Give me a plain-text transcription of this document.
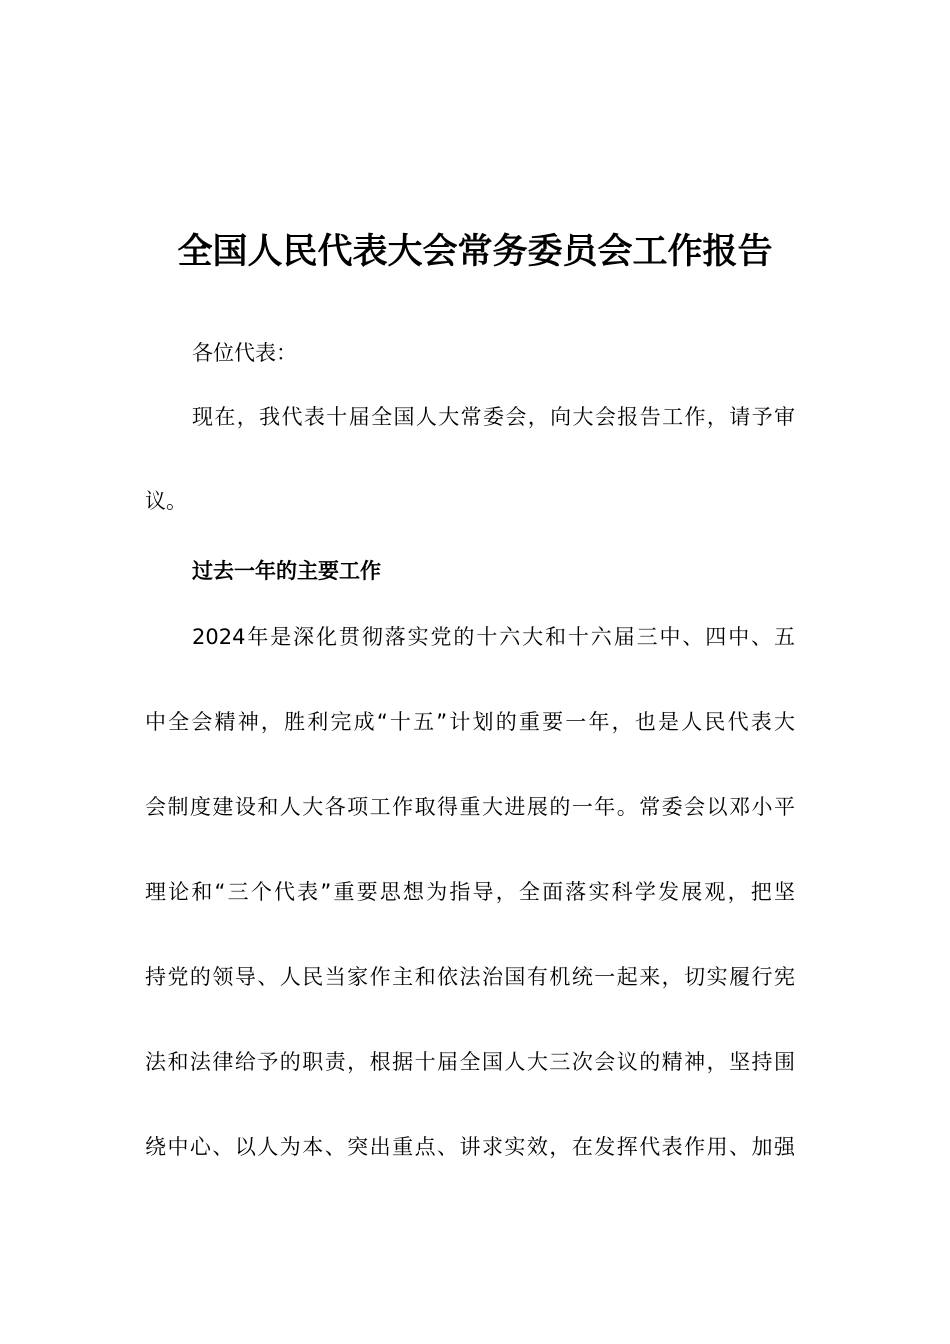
全国人民代表大会常务委员会工作报告
各位代表：
现在，我代表十届全国人大常委会，向大会报告工作，请予审
议。
过去一年的主要工作
2024年是深化贯彻落实党的十六大和十六届三中、四中、五
中全会精神，胜利完成“十五”计划的重要一年，也是人民代表大
会制度建设和人大各项工作取得重大进展的一年。常委会以邓小平
理论和“三个代表”重要思想为指导，全面落实科学发展观，把坚
持党的领导、人民当家作主和依法治国有机统一起来，切实履行宪
法和法律给予的职责，根据十届全国人大三次会议的精神，坚持围
绕中心、以人为本、突出重点、讲求实效，在发挥代表作用、加强
